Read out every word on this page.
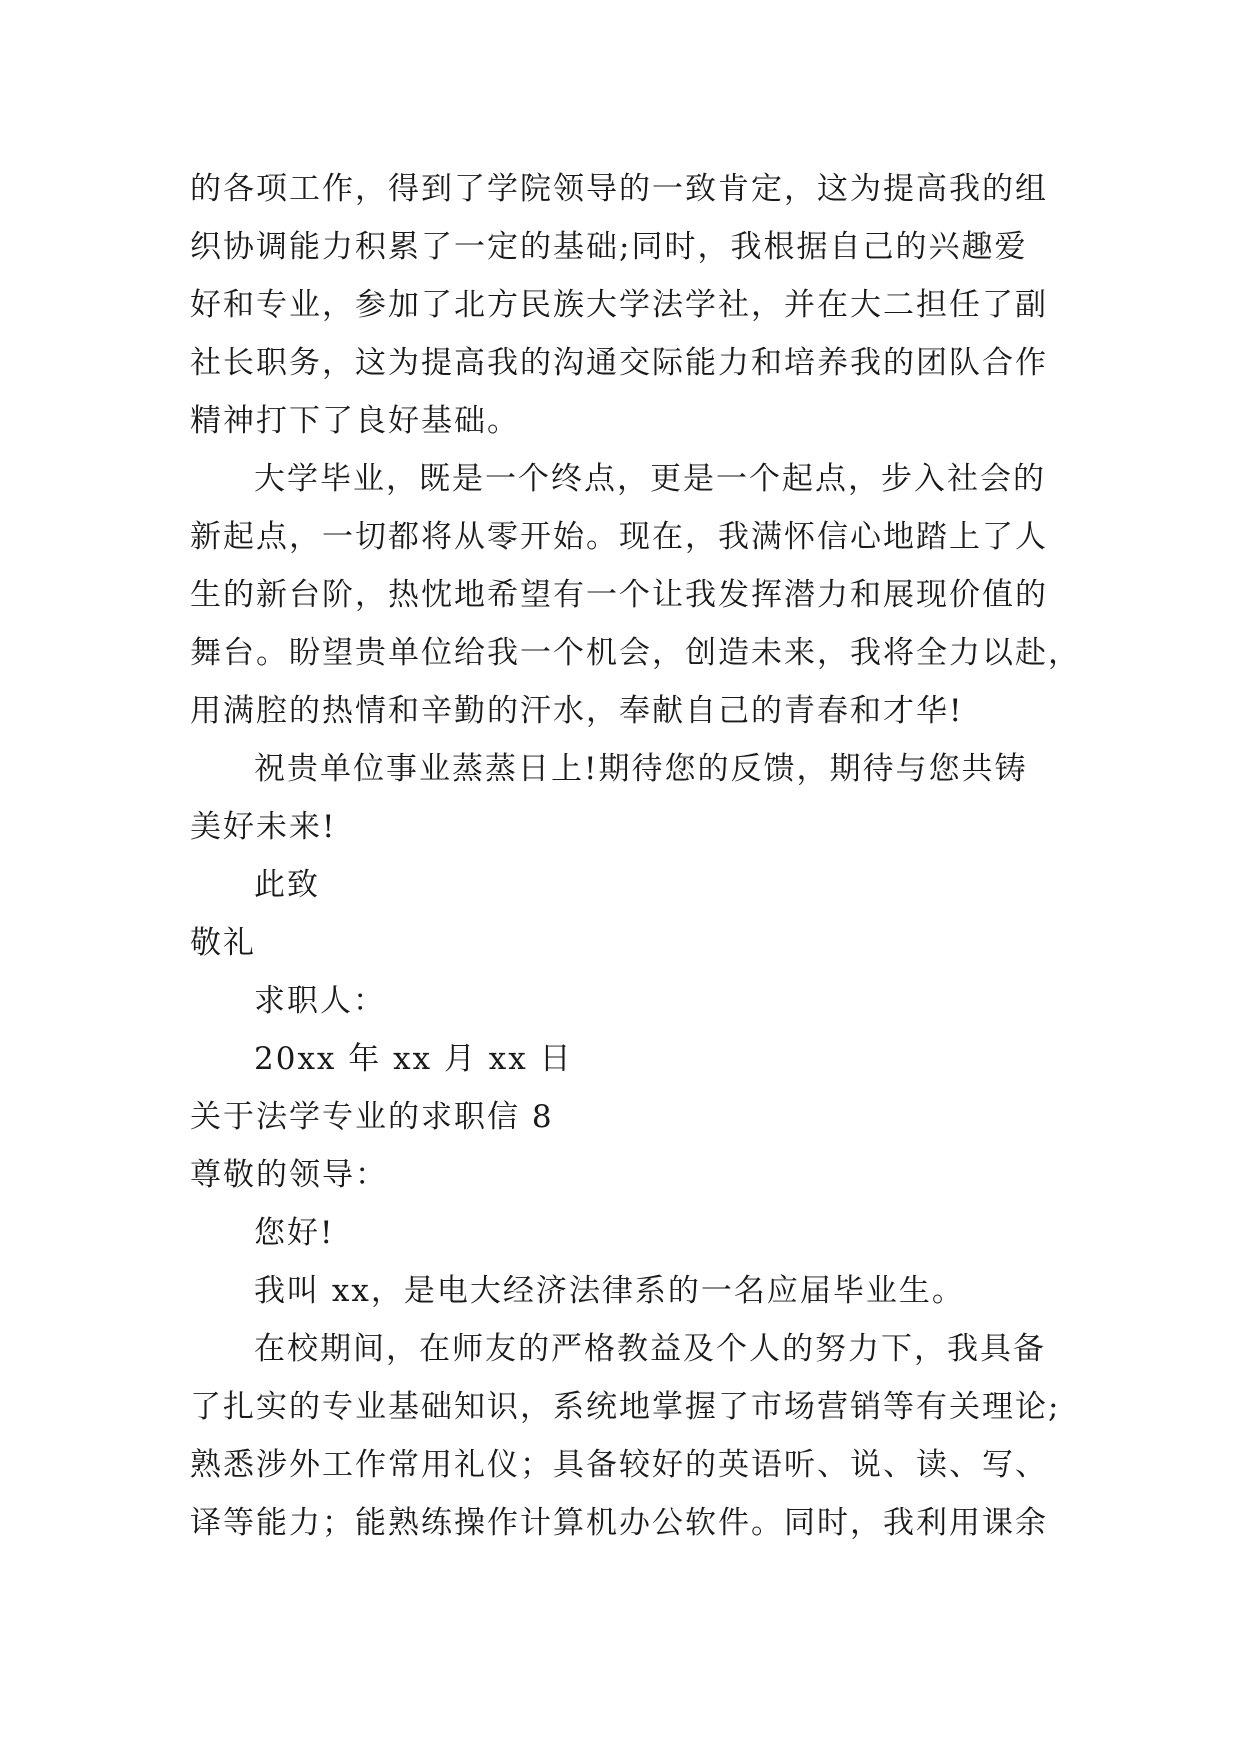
的各项工作，得到了学院领导的一致肯定，这为提高我的组
织协调能力积累了一定的基础;同时，我根据自己的兴趣爱
好和专业，参加了北方民族大学法学社，并在大二担任了副
社长职务，这为提高我的沟通交际能力和培养我的团队合作
精神打下了良好基础。
大学毕业，既是一个终点，更是一个起点，步入社会的
新起点，一切都将从零开始。现在，我满怀信心地踏上了人
生的新台阶，热忱地希望有一个让我发挥潜力和展现价值的
舞台。盼望贵单位给我一个机会，创造未来，我将全力以赴，
用满腔的热情和辛勤的汗水，奉献自己的青春和才华!
祝贵单位事业蒸蒸日上!期待您的反馈，期待与您共铸
美好未来!
此致
敬礼
求职人：
20xx 年 xx 月 xx 日
关于法学专业的求职信 8
尊敬的领导：
您好!
我叫 xx，是电大经济法律系的一名应届毕业生。
在校期间，在师友的严格教益及个人的努力下，我具备
了扎实的专业基础知识，系统地掌握了市场营销等有关理论;
熟悉涉外工作常用礼仪；具备较好的英语听、说、读、写、
译等能力；能熟练操作计算机办公软件。同时，我利用课余
